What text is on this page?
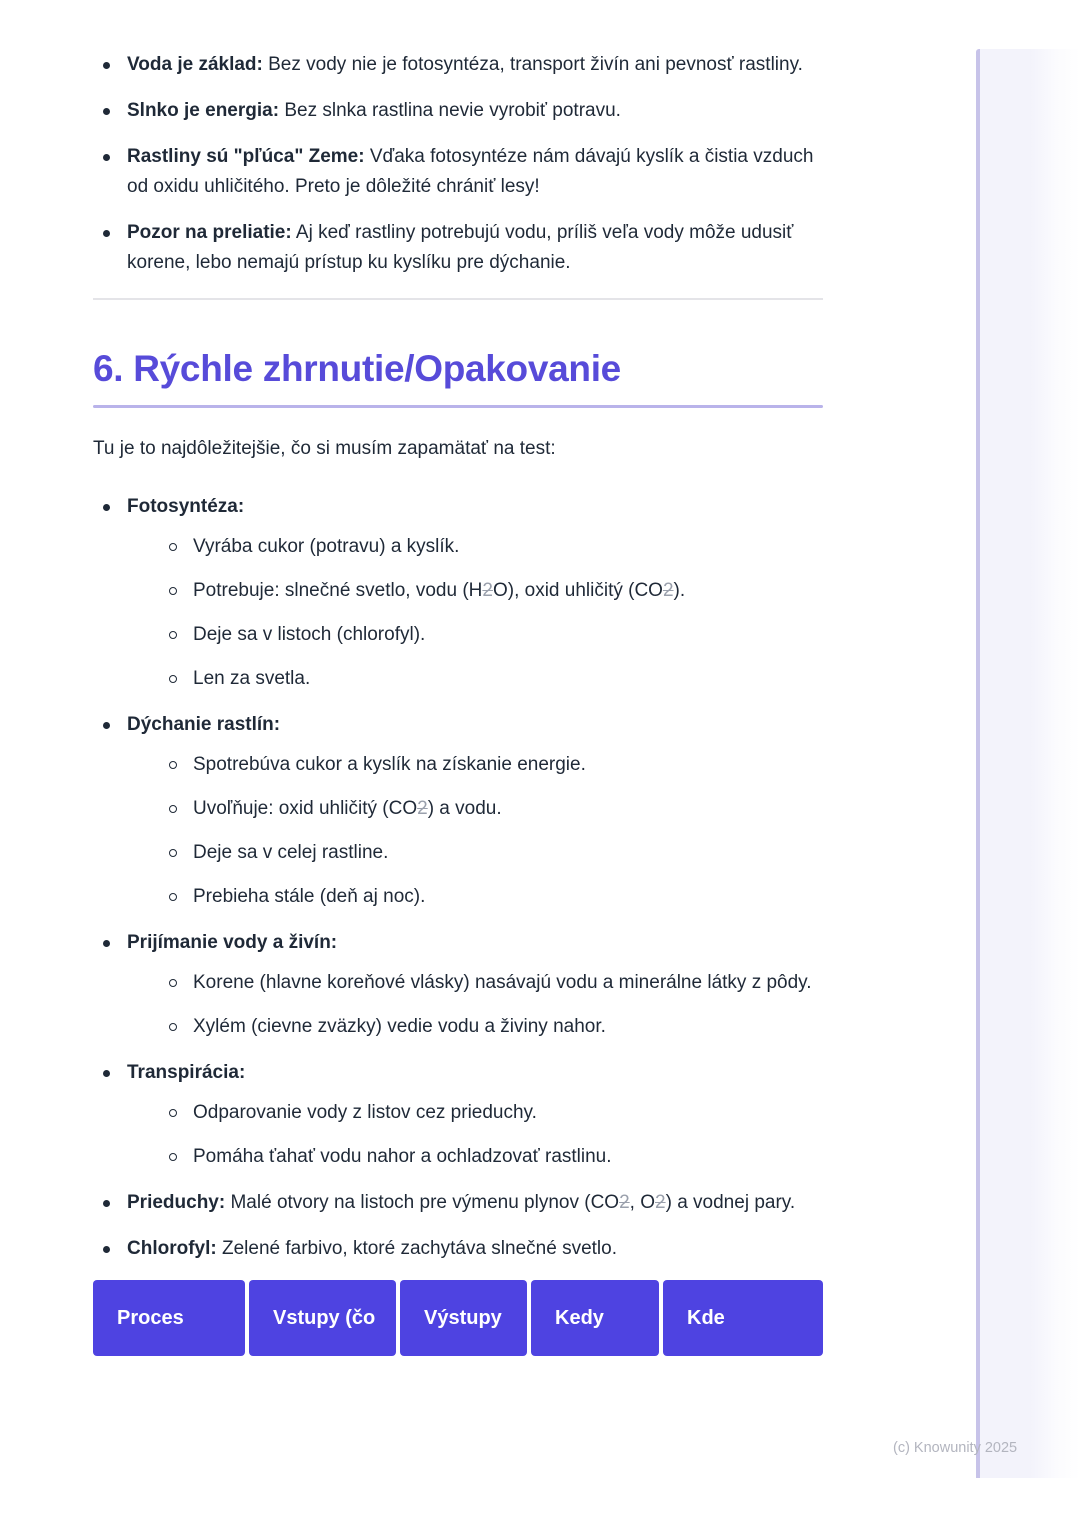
Voda je základ: Bez vody nie je fotosyntéza, transport živín ani pevnosť rastliny.
Slnko je energia: Bez slnka rastlina nevie vyrobiť potravu.
Rastliny sú "pľúca" Zeme: Vďaka fotosyntéze nám dávajú kyslík a čistia vzduch od oxidu uhličitého. Preto je dôležité chrániť lesy!
Pozor na preliatie: Aj keď rastliny potrebujú vodu, príliš veľa vody môže udusiť korene, lebo nemajú prístup ku kyslíku pre dýchanie.
6. Rýchle zhrnutie/Opakovanie

Tu je to najdôležitejšie, čo si musím zapamätať na test:

Fotosyntéza:
Vyrába cukor (potravu) a kyslík.
Potrebuje: slnečné svetlo, vodu (H2O), oxid uhličitý (CO2).
Deje sa v listoch (chlorofyl).
Len za svetla.
Dýchanie rastlín:
Spotrebúva cukor a kyslík na získanie energie.
Uvoľňuje: oxid uhličitý (CO2) a vodu.
Deje sa v celej rastline.
Prebieha stále (deň aj noc).
Prijímanie vody a živín:
Korene (hlavne koreňové vlásky) nasávajú vodu a minerálne látky z pôdy.
Xylém (cievne zväzky) vedie vodu a živiny nahor.
Transpirácia:
Odparovanie vody z listov cez prieduchy.
Pomáha ťahať vodu nahor a ochladzovať rastlinu.
Prieduchy: Malé otvory na listoch pre výmenu plynov (CO2, O2) a vodnej pary.
Chlorofyl: Zelené farbivo, ktoré zachytáva slnečné svetlo.
Proces	Vstupy (čo	Výstupy	Kedy	Kde
(c) Knowunity 2025
